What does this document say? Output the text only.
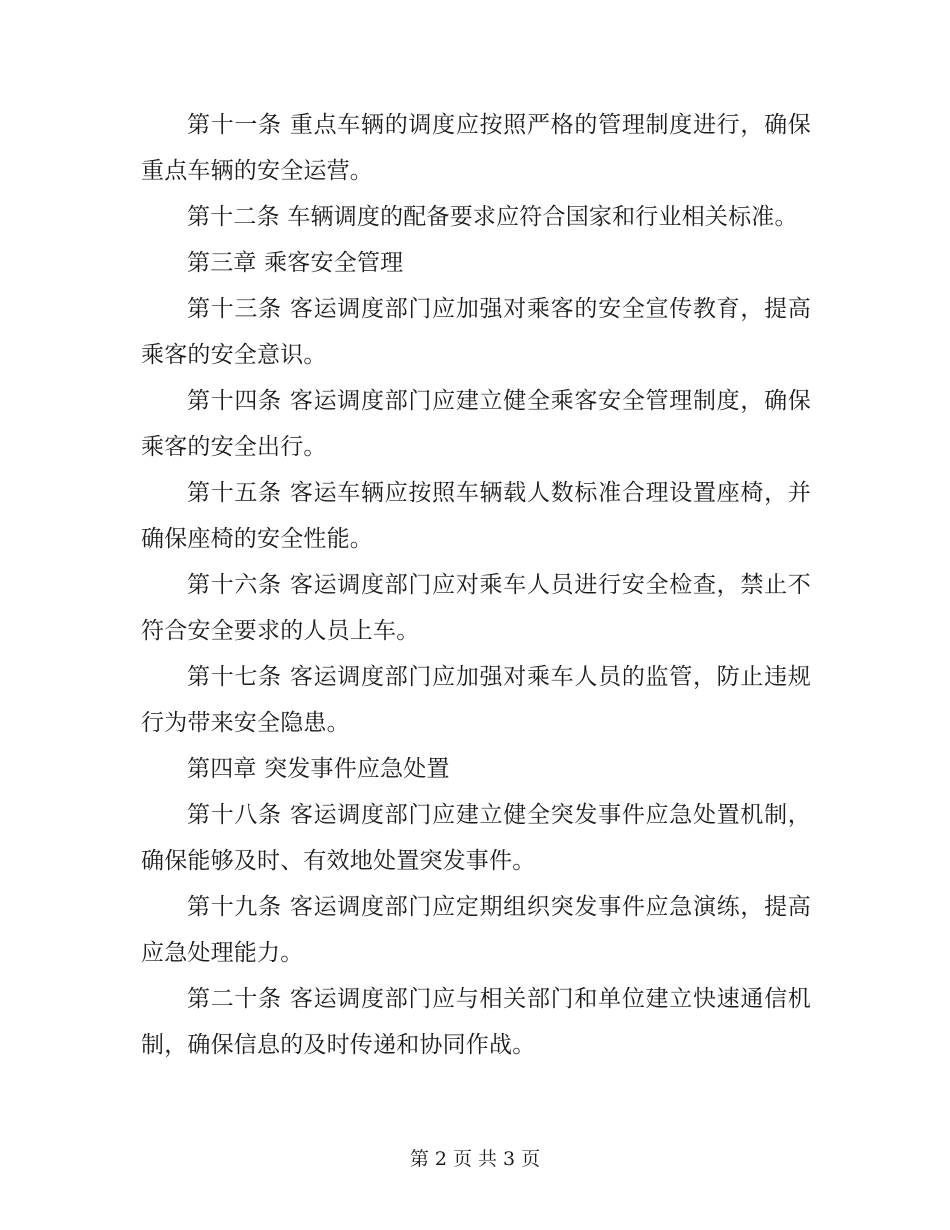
第十一条 重点车辆的调度应按照严格的管理制度进行，确保重点车辆的安全运营。

第十二条 车辆调度的配备要求应符合国家和行业相关标准。

第三章 乘客安全管理

第十三条 客运调度部门应加强对乘客的安全宣传教育，提高乘客的安全意识。

第十四条 客运调度部门应建立健全乘客安全管理制度，确保乘客的安全出行。

第十五条 客运车辆应按照车辆载人数标准合理设置座椅，并确保座椅的安全性能。

第十六条 客运调度部门应对乘车人员进行安全检查，禁止不符合安全要求的人员上车。

第十七条 客运调度部门应加强对乘车人员的监管，防止违规行为带来安全隐患。

第四章 突发事件应急处置

第十八条 客运调度部门应建立健全突发事件应急处置机制，确保能够及时、有效地处置突发事件。

第十九条 客运调度部门应定期组织突发事件应急演练，提高应急处理能力。

第二十条 客运调度部门应与相关部门和单位建立快速通信机制，确保信息的及时传递和协同作战。

第 2 页 共 3 页
